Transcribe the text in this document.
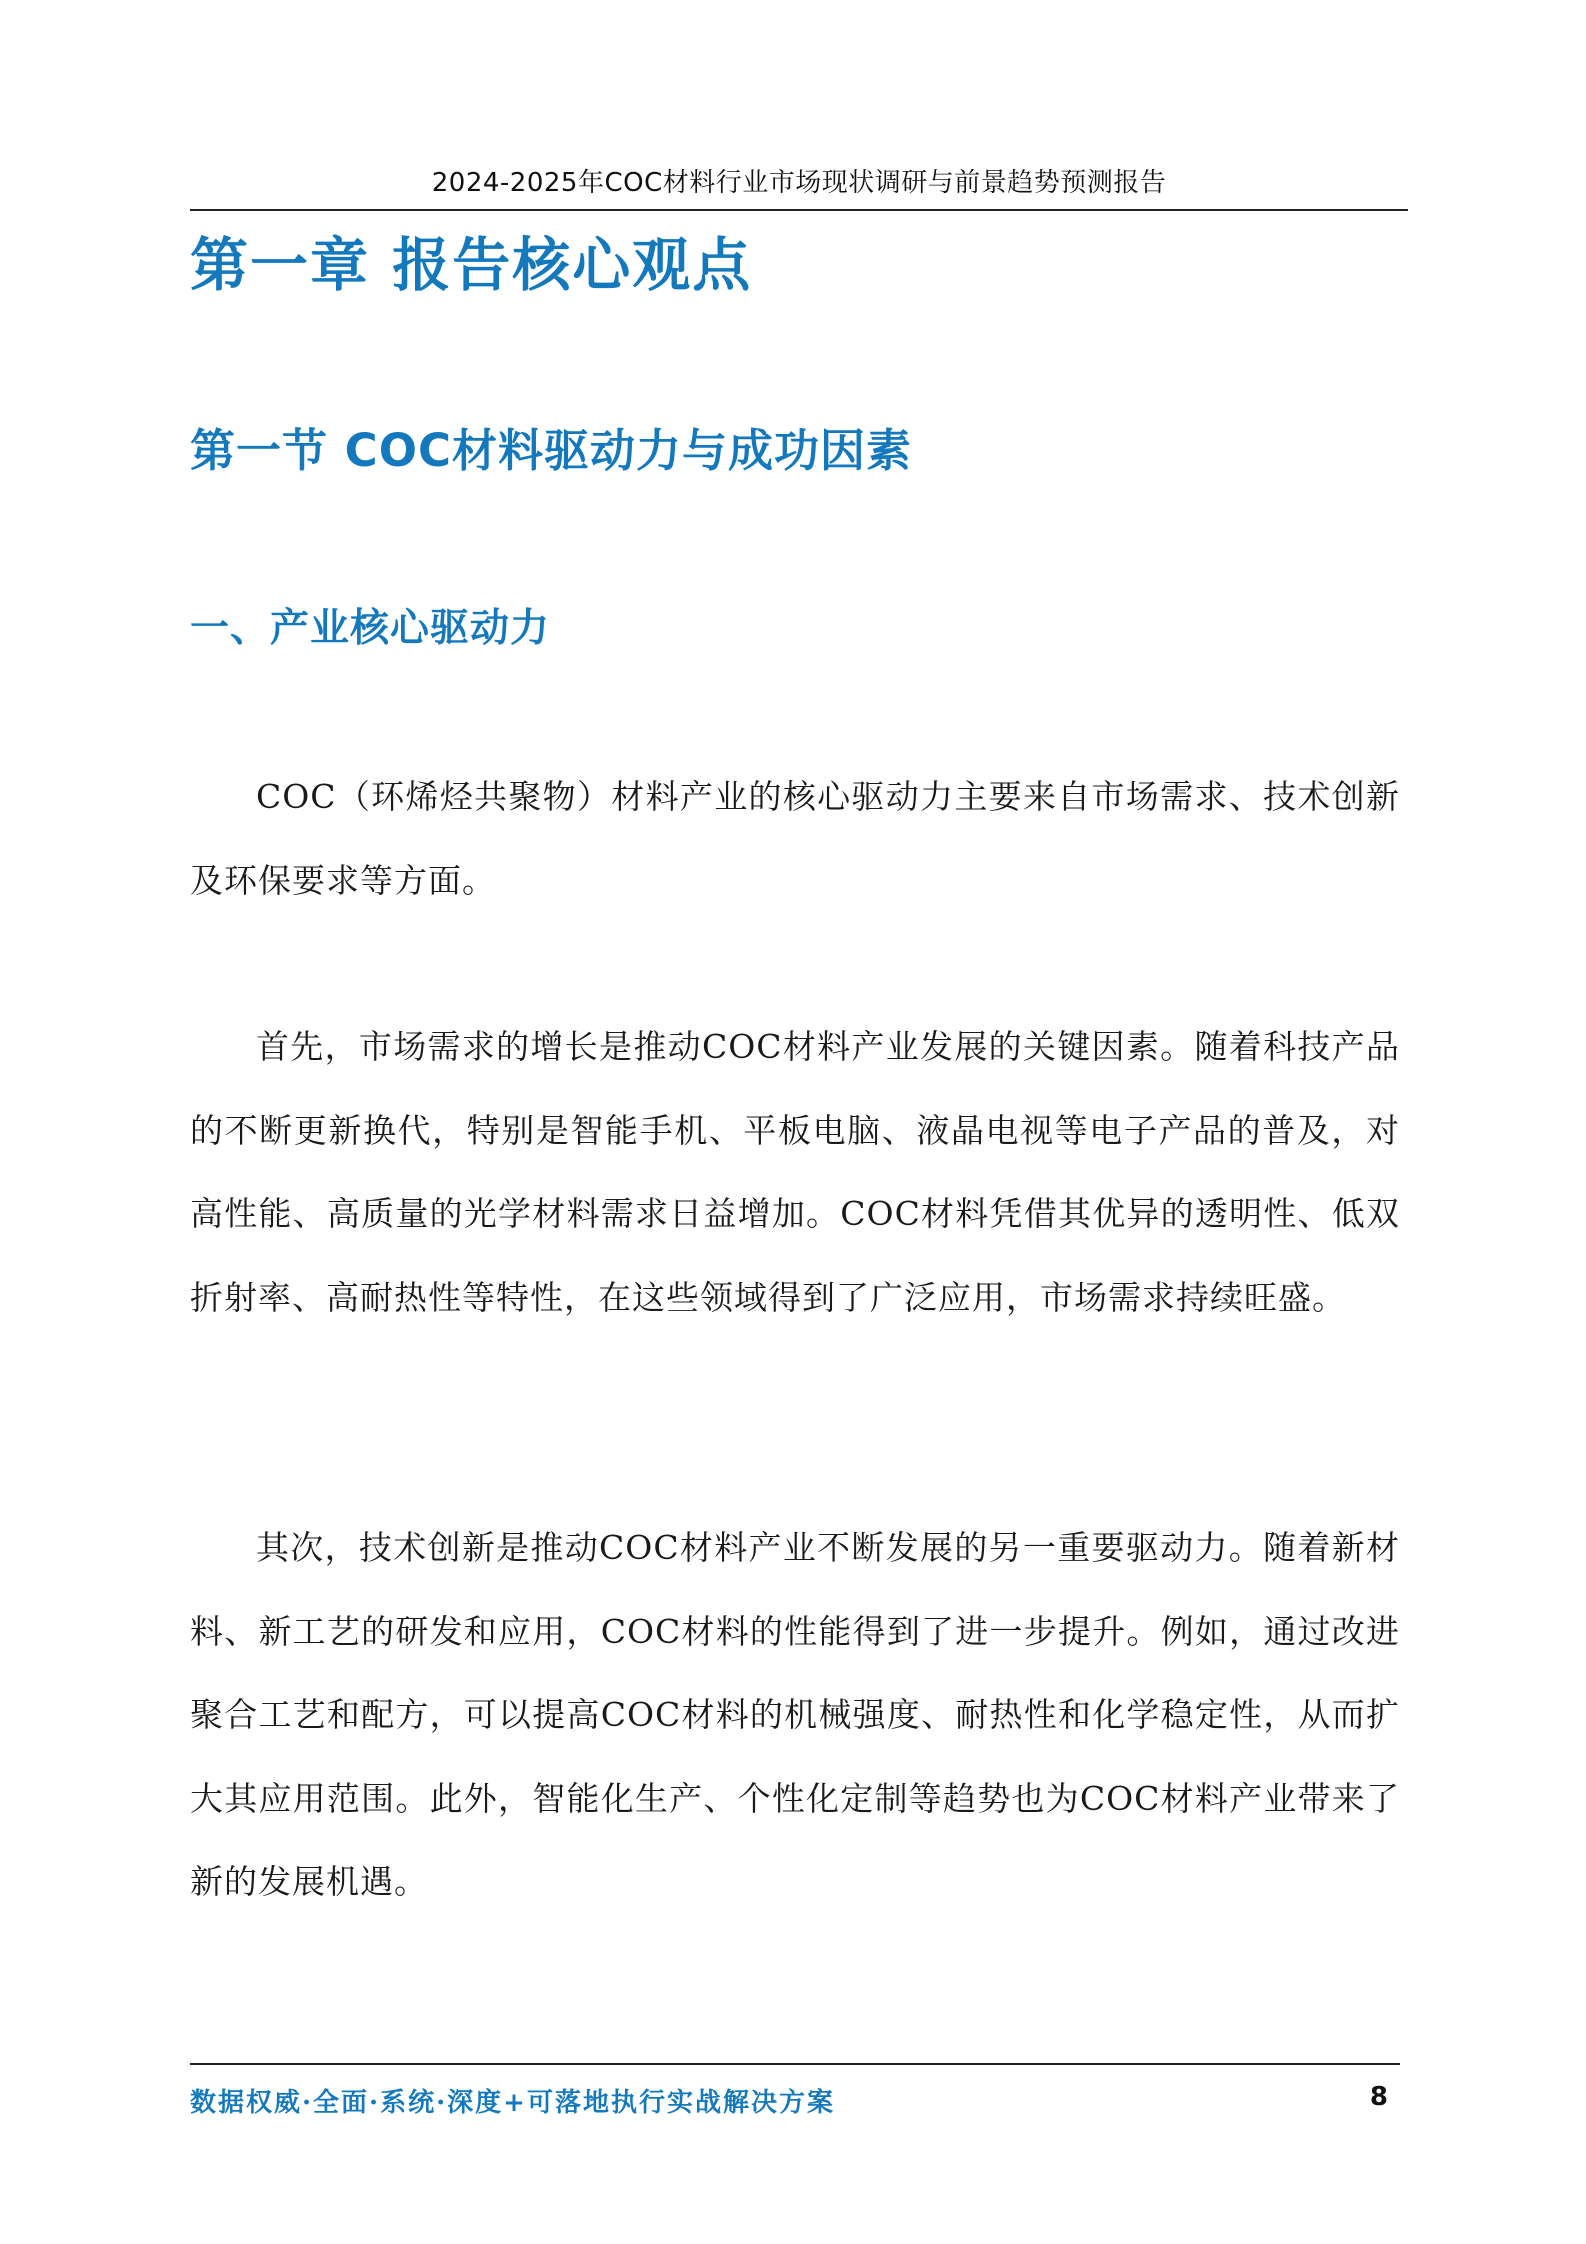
2024-2025年COC材料行业市场现状调研与前景趋势预测报告
第一章 报告核心观点
第一节 COC材料驱动力与成功因素
一、产业核心驱动力

COC（环烯烃共聚物）材料产业的核心驱动力主要来自市场需求、技术创新及环保要求等方面。

首先，市场需求的增长是推动COC材料产业发展的关键因素。随着科技产品的不断更新换代，特别是智能手机、平板电脑、液晶电视等电子产品的普及，对高性能、高质量的光学材料需求日益增加。COC材料凭借其优异的透明性、低双折射率、高耐热性等特性，在这些领域得到了广泛应用，市场需求持续旺盛。

其次，技术创新是推动COC材料产业不断发展的另一重要驱动力。随着新材料、新工艺的研发和应用，COC材料的性能得到了进一步提升。例如，通过改进聚合工艺和配方，可以提高COC材料的机械强度、耐热性和化学稳定性，从而扩大其应用范围。此外，智能化生产、个性化定制等趋势也为COC材料产业带来了新的发展机遇。

数据权威·全面·系统·深度+可落地执行实战解决方案	8
